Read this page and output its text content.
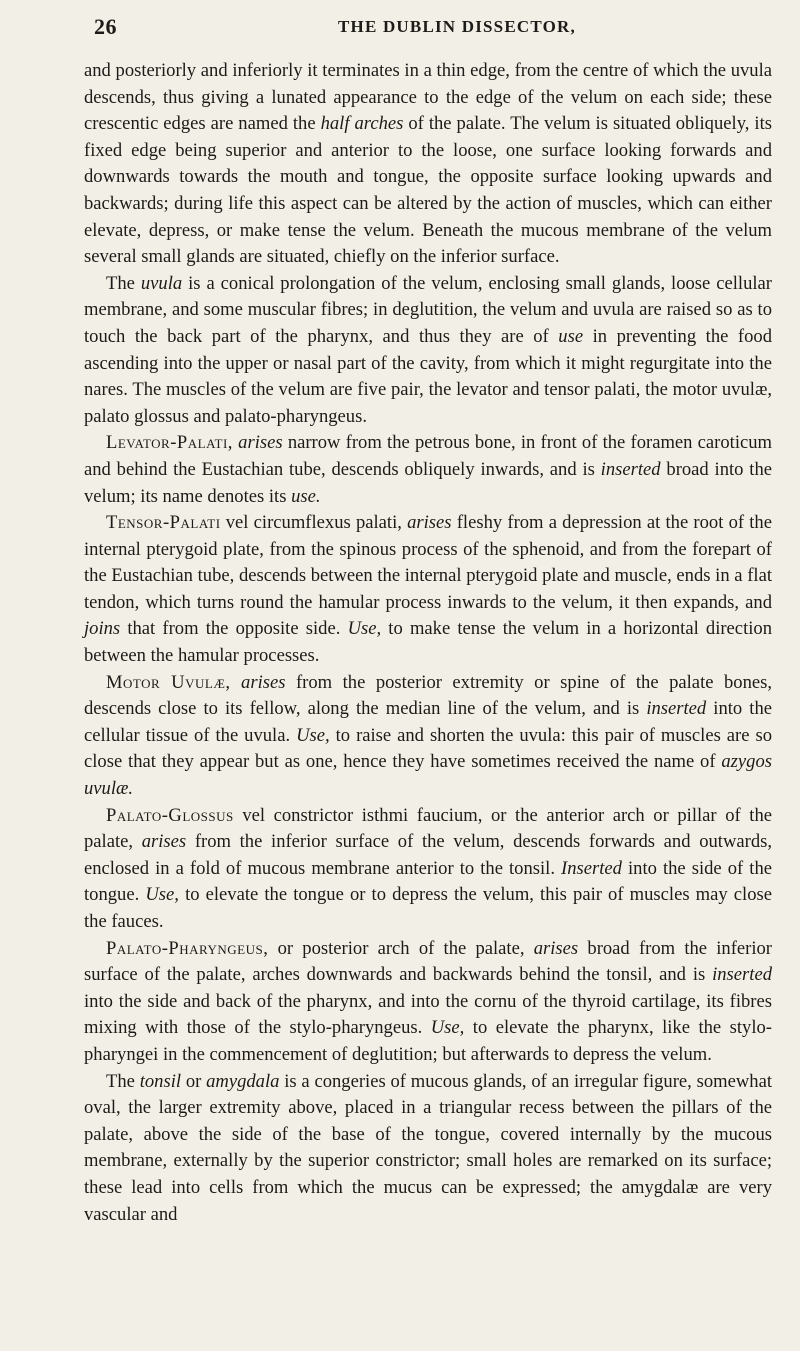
26	THE DUBLIN DISSECTOR,

and posteriorly and inferiorly it terminates in a thin edge, from the centre of which the uvula descends, thus giving a lunated appearance to the edge of the velum on each side; these crescentic edges are named the half arches of the palate. The velum is situated obliquely, its fixed edge being superior and anterior to the loose, one surface looking forwards and downwards towards the mouth and tongue, the opposite surface looking upwards and backwards; during life this aspect can be altered by the action of muscles, which can either elevate, depress, or make tense the velum. Beneath the mucous membrane of the velum several small glands are situated, chiefly on the inferior surface.

The uvula is a conical prolongation of the velum, enclosing small glands, loose cellular membrane, and some muscular fibres; in deglutition, the velum and uvula are raised so as to touch the back part of the pharynx, and thus they are of use in preventing the food ascending into the upper or nasal part of the cavity, from which it might regurgitate into the nares. The muscles of the velum are five pair, the levator and tensor palati, the motor uvulæ, palato glossus and palato-pharyngeus.

Levator-Palati, arises narrow from the petrous bone, in front of the foramen caroticum and behind the Eustachian tube, descends obliquely inwards, and is inserted broad into the velum; its name denotes its use.

Tensor-Palati vel circumflexus palati, arises fleshy from a depression at the root of the internal pterygoid plate, from the spinous process of the sphenoid, and from the forepart of the Eustachian tube, descends between the internal pterygoid plate and muscle, ends in a flat tendon, which turns round the hamular process inwards to the velum, it then expands, and joins that from the opposite side. Use, to make tense the velum in a horizontal direction between the hamular processes.

Motor Uvulæ, arises from the posterior extremity or spine of the palate bones, descends close to its fellow, along the median line of the velum, and is inserted into the cellular tissue of the uvula. Use, to raise and shorten the uvula: this pair of muscles are so close that they appear but as one, hence they have sometimes received the name of azygos uvulæ.

Palato-Glossus vel constrictor isthmi faucium, or the anterior arch or pillar of the palate, arises from the inferior surface of the velum, descends forwards and outwards, enclosed in a fold of mucous membrane anterior to the tonsil. Inserted into the side of the tongue. Use, to elevate the tongue or to depress the velum, this pair of muscles may close the fauces.

Palato-Pharyngeus, or posterior arch of the palate, arises broad from the inferior surface of the palate, arches downwards and backwards behind the tonsil, and is inserted into the side and back of the pharynx, and into the cornu of the thyroid cartilage, its fibres mixing with those of the stylo-pharyngeus. Use, to elevate the pharynx, like the stylo-pharyngei in the commencement of deglutition; but afterwards to depress the velum.

The tonsil or amygdala is a congeries of mucous glands, of an irregular figure, somewhat oval, the larger extremity above, placed in a triangular recess between the pillars of the palate, above the side of the base of the tongue, covered internally by the mucous membrane, externally by the superior constrictor; small holes are remarked on its surface; these lead into cells from which the mucus can be expressed; the amygdalæ are very vascular and
